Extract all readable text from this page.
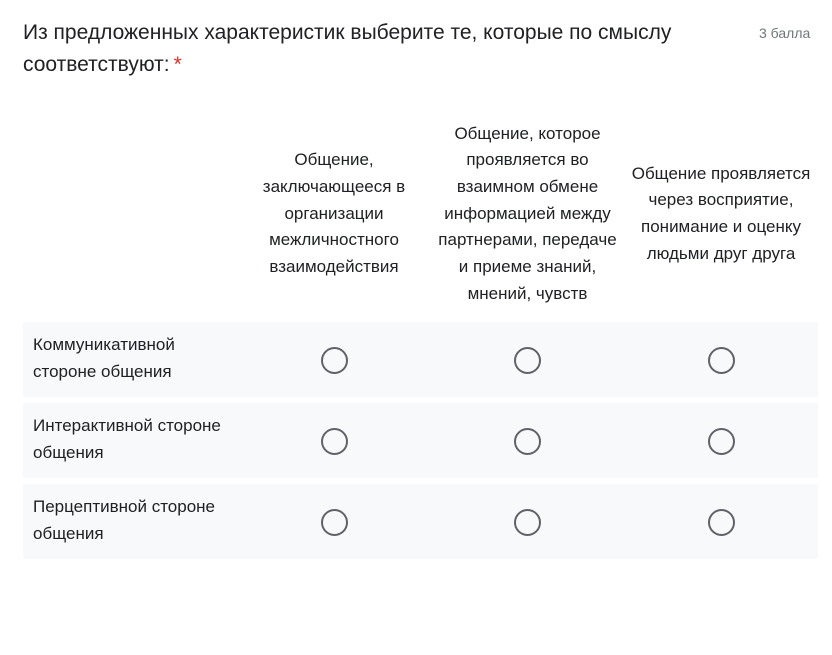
Из предложенных характеристик выберите те, которые по смыслу соответствуют: *
3 балла
Общение, заключающееся в организации межличностного взаимодействия
Общение, которое проявляется во взаимном обмене информацией между партнерами, передаче и приеме знаний, мнений, чувств
Общение проявляется через восприятие, понимание и оценку людьми друг друга
Коммуникативной стороне общения
Интерактивной стороне общения
Перцептивной стороне общения
